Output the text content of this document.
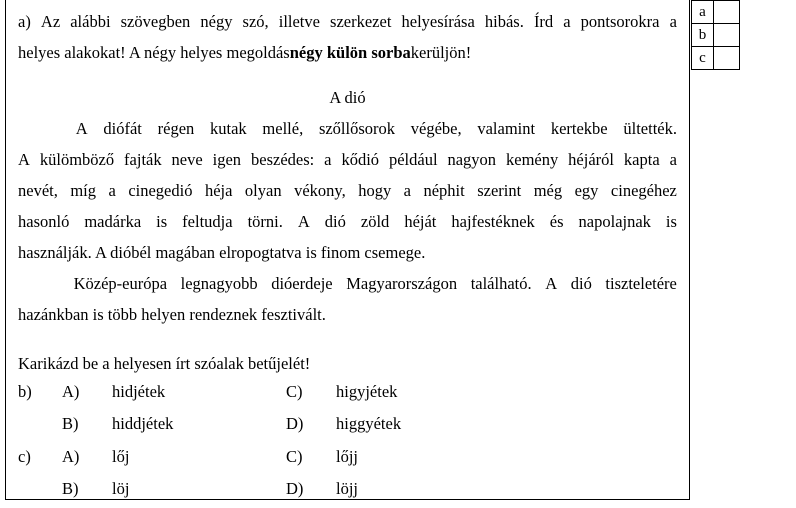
a	
b	
c	
a) Az alábbi szövegben négy szó, illetve szerkezet helyesírása hibás. Írd a pontsorokra a
helyes alakokat! A négy helyes megoldásnégy külön sorbakerüljön!
A dió
A diófát régen kutak mellé, szőllősorok végébe, valamint kertekbe ültették.
A külömböző fajták neve igen beszédes: a kődió például nagyon kemény héjáról kapta a
nevét, míg a cinegedió héja olyan vékony, hogy a néphit szerint még egy cinegéhez
hasonló madárka is feltudja törni. A dió zöld héját hajfestéknek és napolajnak is
használják. A dióbél magában elropogtatva is finom csemege.
Közép-európa legnagyobb dióerdeje Magyarországon található. A dió tiszteletére
hazánkban is több helyen rendeznek fesztivált.
Karikázd be a helyesen írt szóalak betűjelét!
b)	A)	hidjétek	C)	higyjétek
B)	hiddjétek	D)	higgyétek
c)	A)	lőj	C)	lőjj
B)	löj	D)	löjj
